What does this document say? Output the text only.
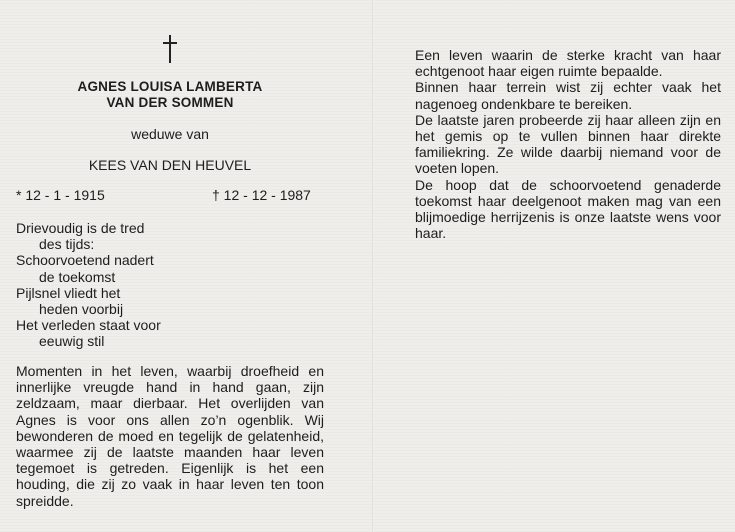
AGNES LOUISA LAMBERTA
VAN DER SOMMEN
weduwe van
KEES VAN DEN HEUVEL
* 12 - 1 - 1915	† 12 - 12 - 1987
Drievoudig is de tred
des tijds:
Schoorvoetend nadert
de toekomst
Pijlsnel vliedt het
heden voorbij
Het verleden staat voor
eeuwig stil
Momenten in het leven, waarbij droefheid en innerlijke vreugde hand in hand gaan, zijn zeldzaam, maar dierbaar. Het overlijden van Agnes is voor ons allen zo’n ogenblik. Wij bewonderen de moed en tegelijk de gelatenheid, waarmee zij de laatste maanden haar leven tegemoet is getreden. Eigenlijk is het een houding, die zij zo vaak in haar leven ten toon spreidde.
Een leven waarin de sterke kracht van haar echtgenoot haar eigen ruimte bepaalde.
Binnen haar terrein wist zij echter vaak het nagenoeg ondenkbare te bereiken.
De laatste jaren probeerde zij haar alleen zijn en het gemis op te vullen binnen haar direkte familiekring. Ze wilde daarbij niemand voor de voeten lopen.
De hoop dat de schoorvoetend genaderde toekomst haar deelgenoot maken mag van een blijmoedige herrijzenis is onze laatste wens voor haar.
